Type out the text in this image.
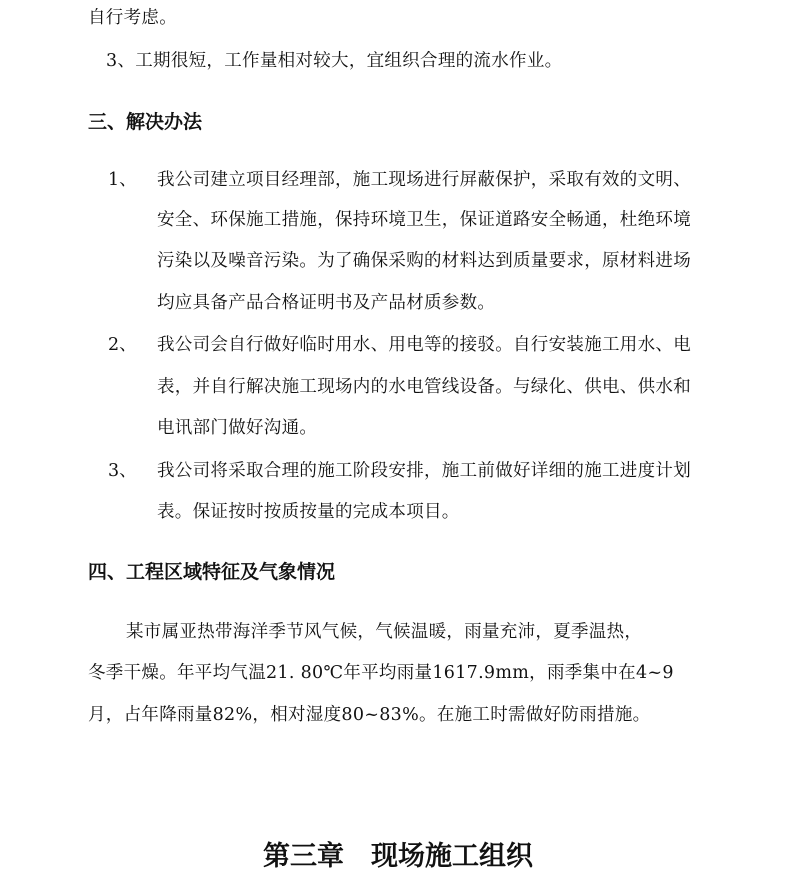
自行考虑。
3、工期很短，工作量相对较大，宜组织合理的流水作业。
三、解决办法
1、 我公司建立项目经理部，施工现场进行屏蔽保护，采取有效的文明、
安全、环保施工措施，保持环境卫生，保证道路安全畅通，杜绝环境
污染以及噪音污染。为了确保采购的材料达到质量要求，原材料进场
均应具备产品合格证明书及产品材质参数。
2、 我公司会自行做好临时用水、用电等的接驳。自行安装施工用水、电
表，并自行解决施工现场内的水电管线设备。与绿化、供电、供水和
电讯部门做好沟通。
3、 我公司将采取合理的施工阶段安排，施工前做好详细的施工进度计划
表。保证按时按质按量的完成本项目。
四、工程区域特征及气象情况
某市属亚热带海洋季节风气候，气候温暖，雨量充沛，夏季温热，
冬季干燥。年平均气温21. 80℃年平均雨量1617.9mm，雨季集中在4~9
月，占年降雨量82%，相对湿度80~83%。在施工时需做好防雨措施。
第三章　现场施工组织
